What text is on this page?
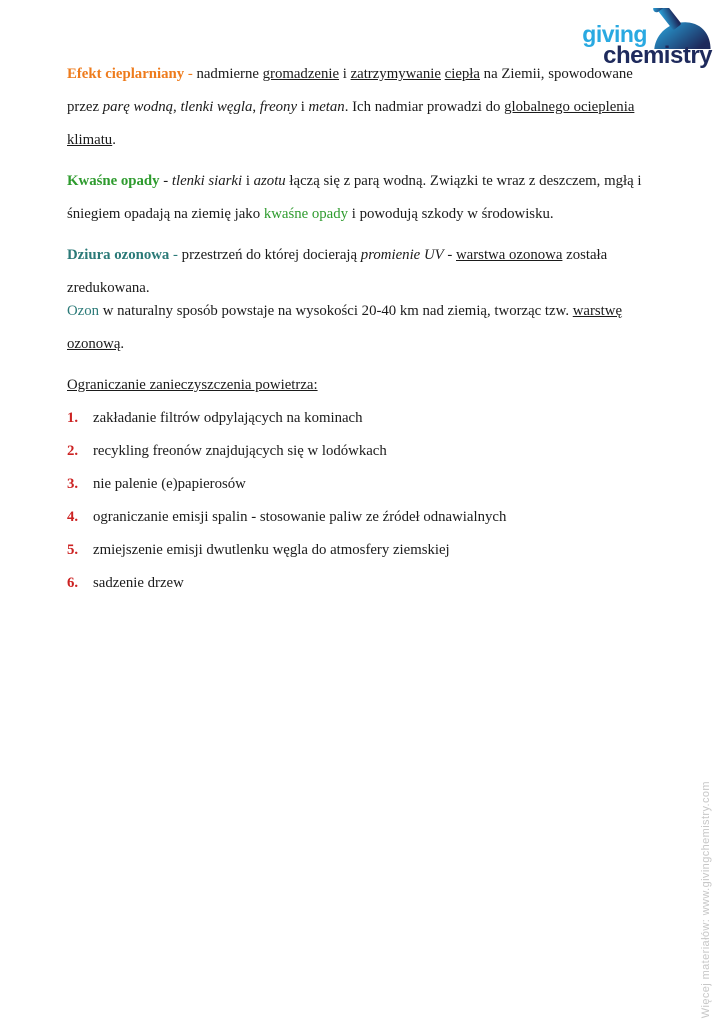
giving
chemistry
Efekt cieplarniany - nadmierne gromadzenie i zatrzymywanie ciepła na Ziemii, spowodowane
przez parę wodną, tlenki węgla, freony i metan. Ich nadmiar prowadzi do globalnego ocieplenia
klimatu.
Kwaśne opady - tlenki siarki i azotu łączą się z parą wodną. Związki te wraz z deszczem, mgłą i
śniegiem opadają na ziemię jako kwaśne opady i powodują szkody w środowisku.
Dziura ozonowa - przestrzeń do której docierają promienie UV - warstwa ozonowa została
zredukowana.
Ozon w naturalny sposób powstaje na wysokości 20-40 km nad ziemią, tworząc tzw. warstwę
ozonową.
Ograniczanie zanieczyszczenia powietrza:
1.	zakładanie filtrów odpylających na kominach
2.	recykling freonów znajdujących się w lodówkach
3.	nie palenie (e)papierosów
4.	ograniczanie emisji spalin - stosowanie paliw ze źródeł odnawialnych
5.	zmiejszenie emisji dwutlenku węgla do atmosfery ziemskiej
6.	sadzenie drzew
Więcej materiałów: www.givingchemistry.com
